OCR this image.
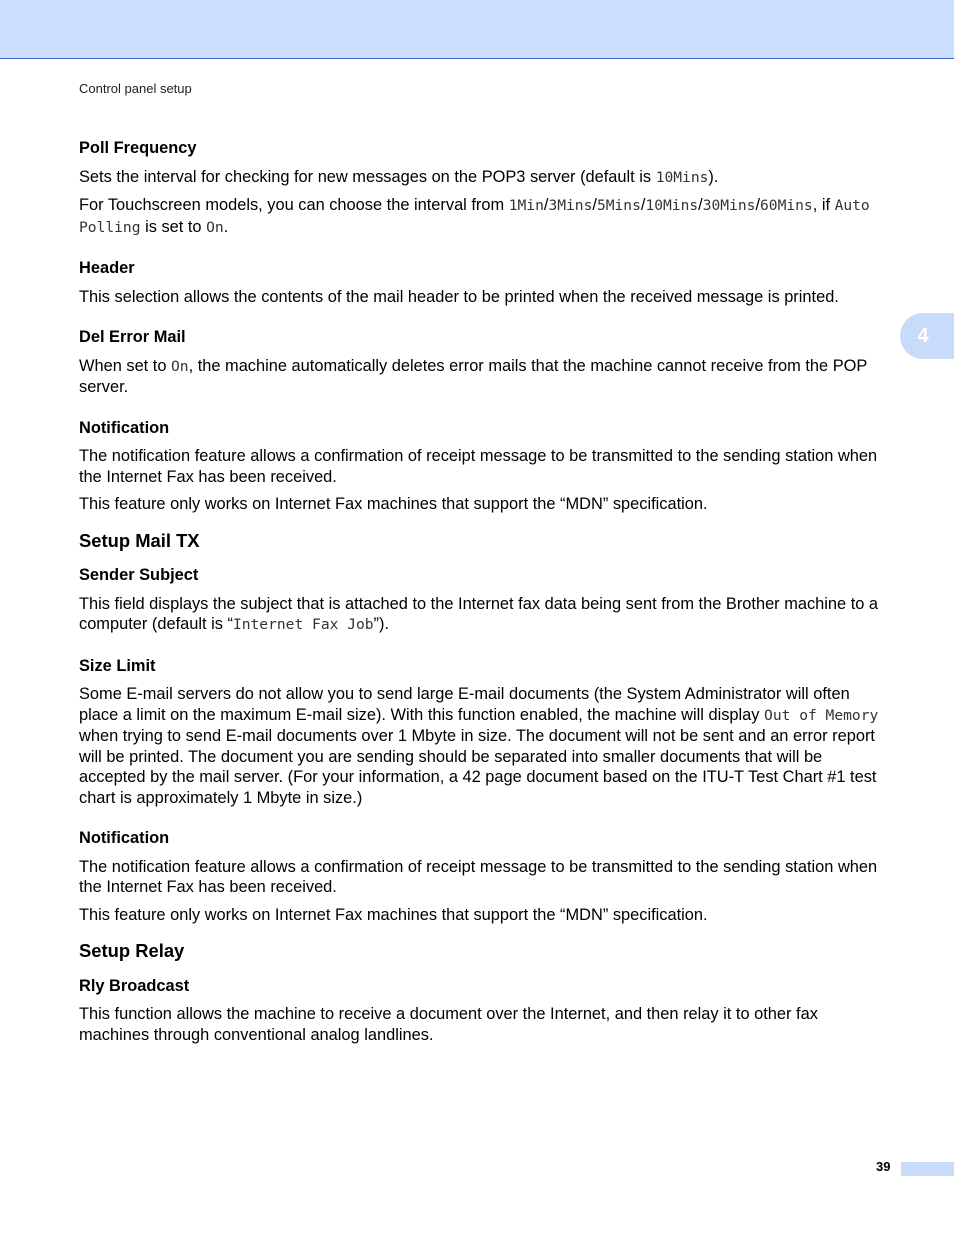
Control panel setup
4
Poll Frequency

Sets the interval for checking for new messages on the POP3 server (default is 10Mins).

For Touchscreen models, you can choose the interval from 1Min/3Mins/5Mins/10Mins/30Mins/60Mins, if Auto Polling is set to On.

Header

This selection allows the contents of the mail header to be printed when the received message is printed.

Del Error Mail

When set to On, the machine automatically deletes error mails that the machine cannot receive from the POP server.

Notification

The notification feature allows a confirmation of receipt message to be transmitted to the sending station when the Internet Fax has been received.

This feature only works on Internet Fax machines that support the “MDN” specification.

Setup Mail TX
Sender Subject

This field displays the subject that is attached to the Internet fax data being sent from the Brother machine to a computer (default is “Internet Fax Job”).

Size Limit

Some E-mail servers do not allow you to send large E-mail documents (the System Administrator will often place a limit on the maximum E-mail size). With this function enabled, the machine will display Out of Memory when trying to send E-mail documents over 1 Mbyte in size. The document will not be sent and an error report will be printed. The document you are sending should be separated into smaller documents that will be accepted by the mail server. (For your information, a 42 page document based on the ITU-T Test Chart #1 test chart is approximately 1 Mbyte in size.)

Notification

The notification feature allows a confirmation of receipt message to be transmitted to the sending station when the Internet Fax has been received.

This feature only works on Internet Fax machines that support the “MDN” specification.

Setup Relay
Rly Broadcast

This function allows the machine to receive a document over the Internet, and then relay it to other fax machines through conventional analog landlines.

39
